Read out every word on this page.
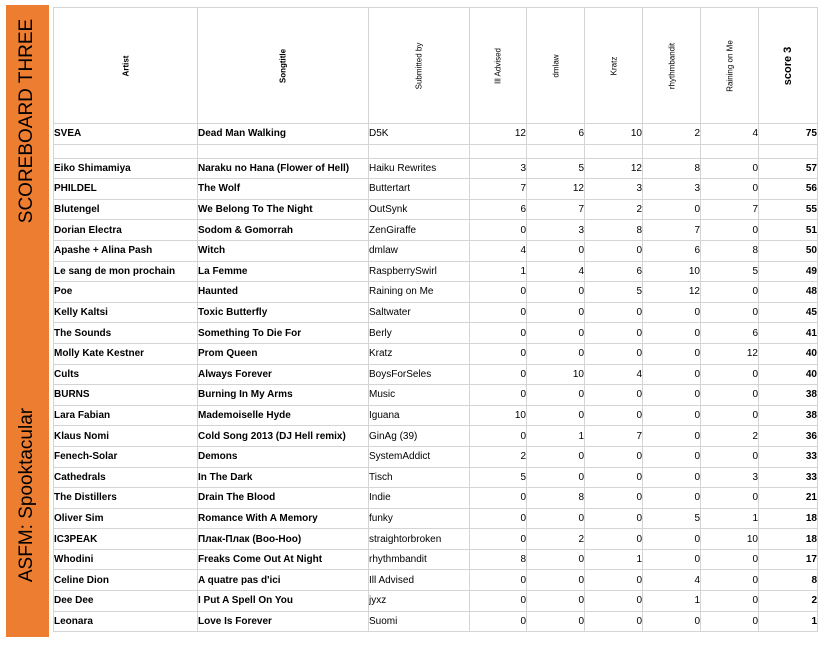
SCOREBOARD THREE
ASFM: Spooktacular
Artist	Songtitle	Submitted by	Ill Advised	dmlaw	Kratz	rhythmbandit	Raining on Me	score 3

SVEA	Dead Man Walking	D5K	12	6	10	2	4	75

Eiko Shimamiya	Naraku no Hana (Flower of Hell)	Haiku Rewrites	3	5	12	8	0	57
PHILDEL	The Wolf	Buttertart	7	12	3	3	0	56
Blutengel	We Belong To The Night	OutSynk	6	7	2	0	7	55
Dorian Electra	Sodom & Gomorrah	ZenGiraffe	0	3	8	7	0	51
Apashe + Alina Pash	Witch	dmlaw	4	0	0	6	8	50
Le sang de mon prochain	La Femme	RaspberrySwirl	1	4	6	10	5	49
Poe	Haunted	Raining on Me	0	0	5	12	0	48
Kelly Kaltsi	Toxic Butterfly	Saltwater	0	0	0	0	0	45
The Sounds	Something To Die For	Berly	0	0	0	0	6	41
Molly Kate Kestner	Prom Queen	Kratz	0	0	0	0	12	40
Cults	Always Forever	BoysForSeles	0	10	4	0	0	40
BURNS	Burning In My Arms	Music	0	0	0	0	0	38
Lara Fabian	Mademoiselle Hyde	Iguana	10	0	0	0	0	38
Klaus Nomi	Cold Song 2013 (DJ Hell remix)	GinAg (39)	0	1	7	0	2	36
Fenech-Solar	Demons	SystemAddict	2	0	0	0	0	33
Cathedrals	In The Dark	Tisch	5	0	0	0	3	33
The Distillers	Drain The Blood	Indie	0	8	0	0	0	21
Oliver Sim	Romance With A Memory	funky	0	0	0	5	1	18
IC3PEAK	Плак-Плак (Boo-Hoo)	straightorbroken	0	2	0	0	10	18
Whodini	Freaks Come Out At Night	rhythmbandit	8	0	1	0	0	17
Celine Dion	A quatre pas d'ici	Ill Advised	0	0	0	4	0	8
Dee Dee	I Put A Spell On You	jyxz	0	0	0	1	0	2
Leonara	Love Is Forever	Suomi	0	0	0	0	0	1
